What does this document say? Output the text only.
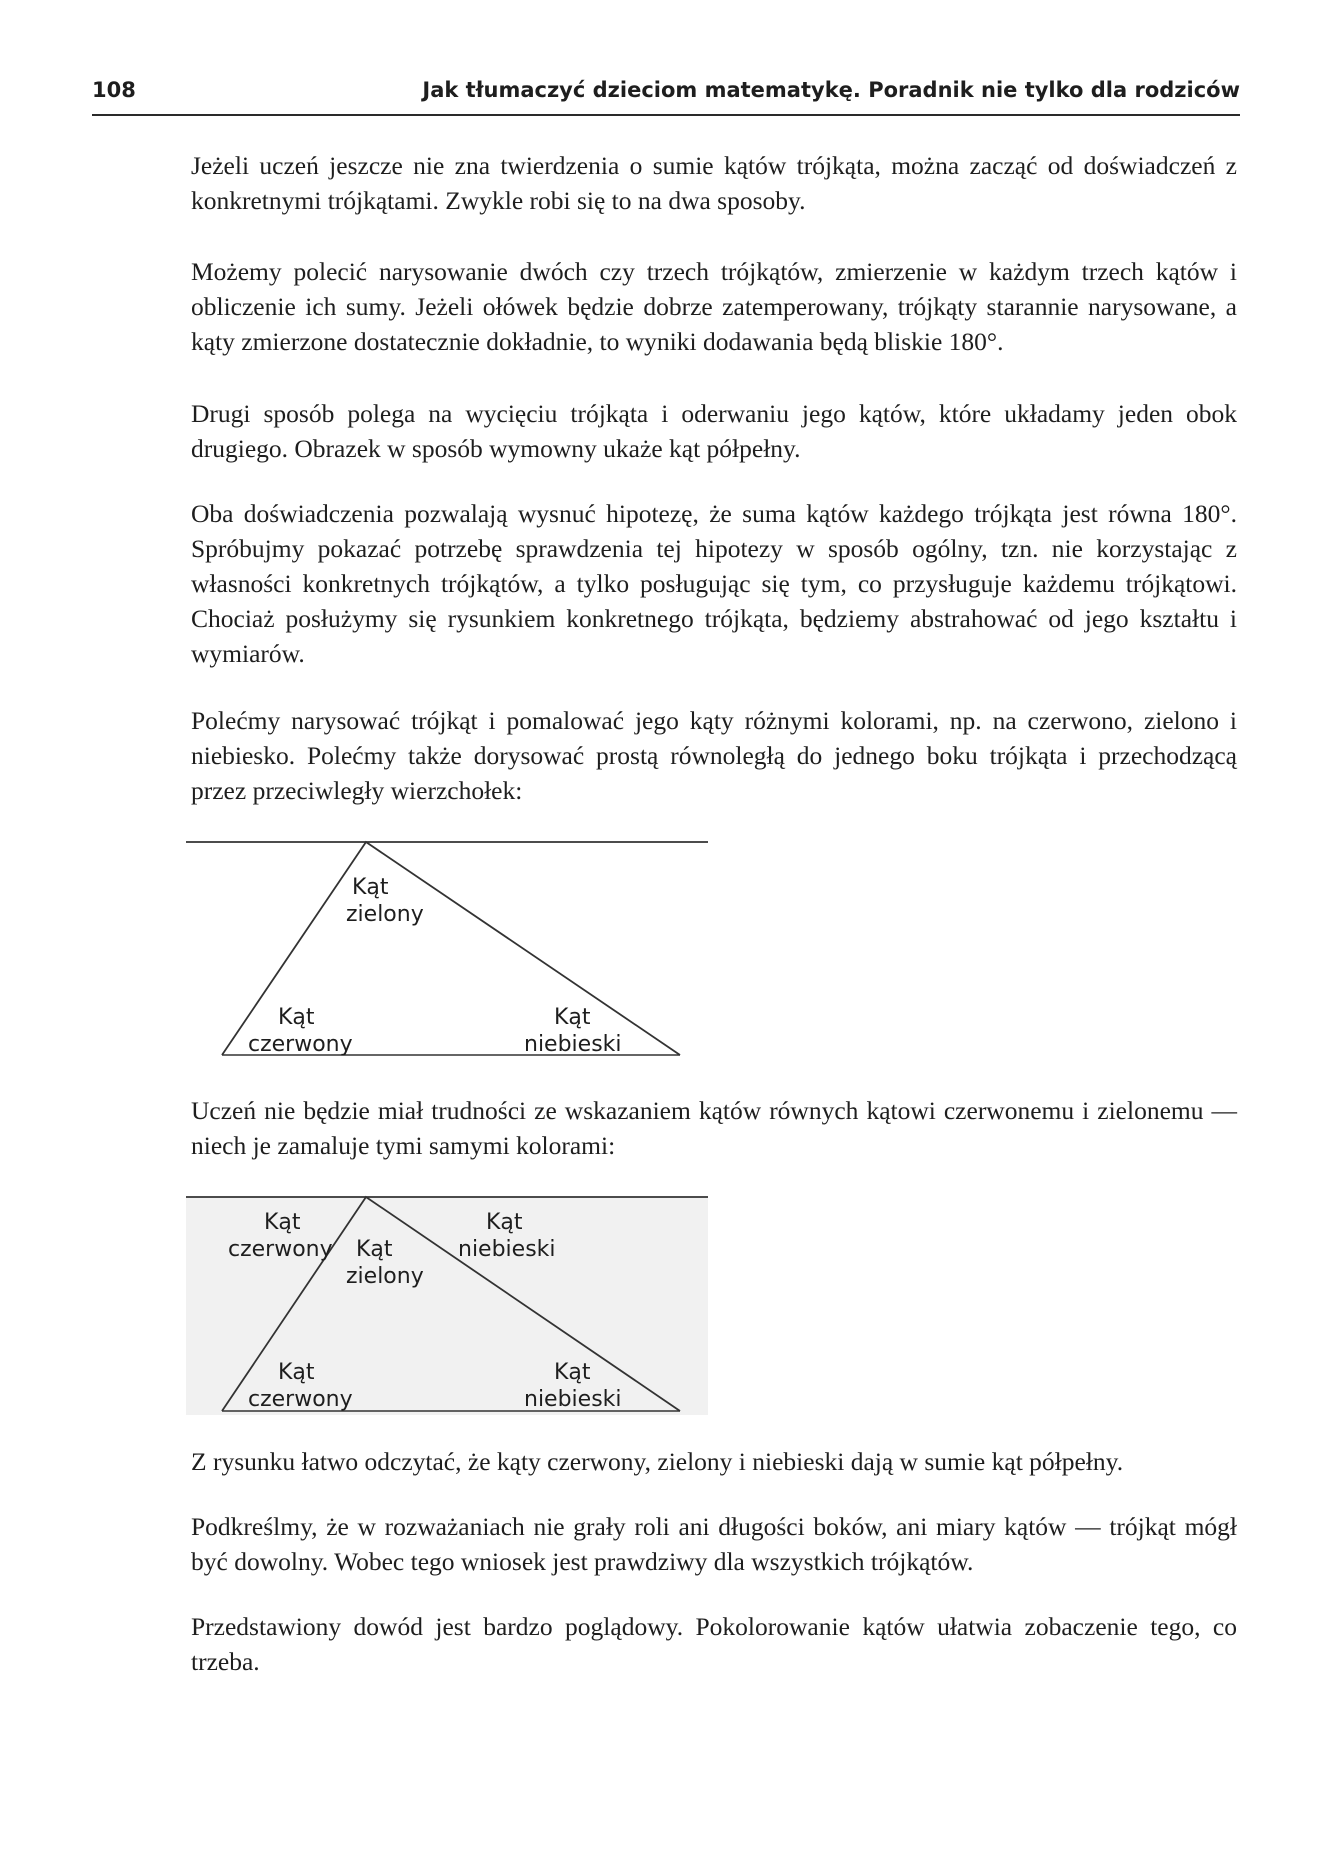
108	Jak tłumaczyć dzieciom matematykę. Poradnik nie tylko dla rodziców

Jeżeli uczeń jeszcze nie zna twierdzenia o sumie kątów trójkąta, można zacząć od doświadczeń z konkretnymi trójkątami. Zwykle robi się to na dwa sposoby.

Możemy polecić narysowanie dwóch czy trzech trójkątów, zmierzenie w każdym trzech kątów i obliczenie ich sumy. Jeżeli ołówek będzie dobrze zatemperowany, trójkąty starannie narysowane, a kąty zmierzone dostatecznie dokładnie, to wyniki dodawania będą bliskie 180°.

Drugi sposób polega na wycięciu trójkąta i oderwaniu jego kątów, które układamy jeden obok drugiego. Obrazek w sposób wymowny ukaże kąt półpełny.

Oba doświadczenia pozwalają wysnuć hipotezę, że suma kątów każdego trójkąta jest równa 180°. Spróbujmy pokazać potrzebę sprawdzenia tej hipotezy w sposób ogólny, tzn. nie korzystając z własności konkretnych trójkątów, a tylko posługując się tym, co przysługuje każdemu trójkątowi. Chociaż posłużymy się rysunkiem konkretnego trójkąta, będziemy abstrahować od jego kształtu i wymiarów.

Polećmy narysować trójkąt i pomalować jego kąty różnymi kolorami, np. na czerwono, zielono i niebiesko. Polećmy także dorysować prostą równoległą do jednego boku trójkąta i przechodzącą przez przeciwległy wierzchołek:

Kąt
zielony
Kąt
czerwony
Kąt
niebieski

Uczeń nie będzie miał trudności ze wskazaniem kątów równych kątowi czerwonemu i zielonemu — niech je zamaluje tymi samymi kolorami:

Kąt
czerwony Kąt
zielony
Kąt
niebieski
Kąt
czerwony
Kąt
niebieski

Z rysunku łatwo odczytać, że kąty czerwony, zielony i niebieski dają w sumie kąt półpełny.

Podkreślmy, że w rozważaniach nie grały roli ani długości boków, ani miary kątów — trójkąt mógł być dowolny. Wobec tego wniosek jest prawdziwy dla wszystkich trójkątów.

Przedstawiony dowód jest bardzo poglądowy. Pokolorowanie kątów ułatwia zobaczenie tego, co trzeba.
